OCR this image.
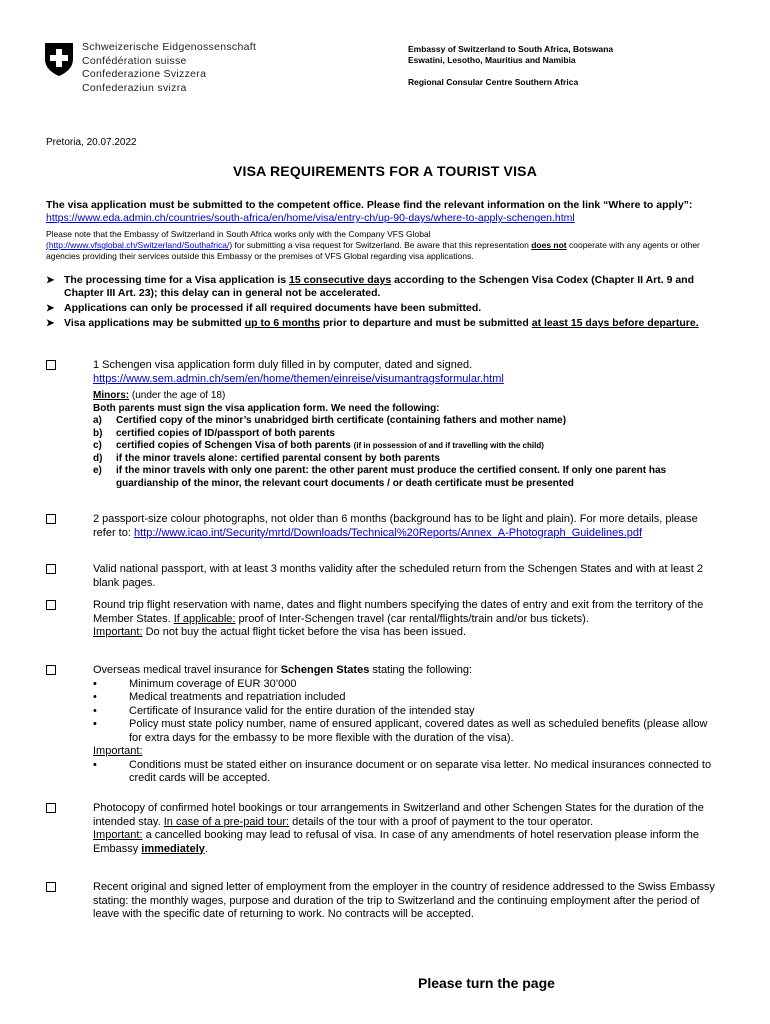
Schweizerische Eidgenossenschaft
Confédération suisse
Confederazione Svizzera
Confederaziun svizra
Embassy of Switzerland to South Africa, Botswana
Eswatini, Lesotho, Mauritius and Namibia
Regional Consular Centre Southern Africa
Pretoria, 20.07.2022
VISA REQUIREMENTS FOR A TOURIST VISA
The visa application must be submitted to the competent office. Please find the relevant information on the link “Where to apply”: https://www.eda.admin.ch/countries/south-africa/en/home/visa/entry-ch/up-90-days/where-to-apply-schengen.html
Please note that the Embassy of Switzerland in South Africa works only with the Company VFS Global
(http://www.vfsglobal.ch/Switzerland/Southafrica/) for submitting a visa request for Switzerland. Be aware that this representation does not cooperate with any agents or other agencies providing their services outside this Embassy or the premises of VFS Global regarding visa applications.
➤ The processing time for a Visa application is 15 consecutive days according to the Schengen Visa Codex (Chapter II Art. 9 and Chapter III Art. 23); this delay can in general not be accelerated.
➤ Applications can only be processed if all required documents have been submitted.
➤ Visa applications may be submitted up to 6 months prior to departure and must be submitted at least 15 days before departure.
1 Schengen visa application form duly filled in by computer, dated and signed.
https://www.sem.admin.ch/sem/en/home/themen/einreise/visumantragsformular.html
Minors: (under the age of 18)
Both parents must sign the visa application form. We need the following:
a) Certified copy of the minor’s unabridged birth certificate (containing fathers and mother name)
b) certified copies of ID/passport of both parents
c) certified copies of Schengen Visa of both parents (if in possession of and if travelling with the child)
d) if the minor travels alone: certified parental consent by both parents
e) if the minor travels with only one parent: the other parent must produce the certified consent. If only one parent has guardianship of the minor, the relevant court documents / or death certificate must be presented
2 passport-size colour photographs, not older than 6 months (background has to be light and plain). For more details, please refer to: http://www.icao.int/Security/mrtd/Downloads/Technical%20Reports/Annex_A-Photograph_Guidelines.pdf
Valid national passport, with at least 3 months validity after the scheduled return from the Schengen States and with at least 2 blank pages.
Round trip flight reservation with name, dates and flight numbers specifying the dates of entry and exit from the territory of the Member States. If applicable: proof of Inter-Schengen travel (car rental/flights/train and/or bus tickets).
Important: Do not buy the actual flight ticket before the visa has been issued.
Overseas medical travel insurance for Schengen States stating the following:
•	Minimum coverage of EUR 30’000
•	Medical treatments and repatriation included
•	Certificate of Insurance valid for the entire duration of the intended stay
•	Policy must state policy number, name of ensured applicant, covered dates as well as scheduled benefits (please allow for extra days for the embassy to be more flexible with the duration of the visa).
Important:
•	Conditions must be stated either on insurance document or on separate visa letter. No medical insurances connected to credit cards will be accepted.
Photocopy of confirmed hotel bookings or tour arrangements in Switzerland and other Schengen States for the duration of the intended stay. In case of a pre-paid tour: details of the tour with a proof of payment to the tour operator.
Important: a cancelled booking may lead to refusal of visa. In case of any amendments of hotel reservation please inform the Embassy immediately.
Recent original and signed letter of employment from the employer in the country of residence addressed to the Swiss Embassy stating: the monthly wages, purpose and duration of the trip to Switzerland and the continuing employment after the period of leave with the specific date of returning to work. No contracts will be accepted.
Please turn the page
